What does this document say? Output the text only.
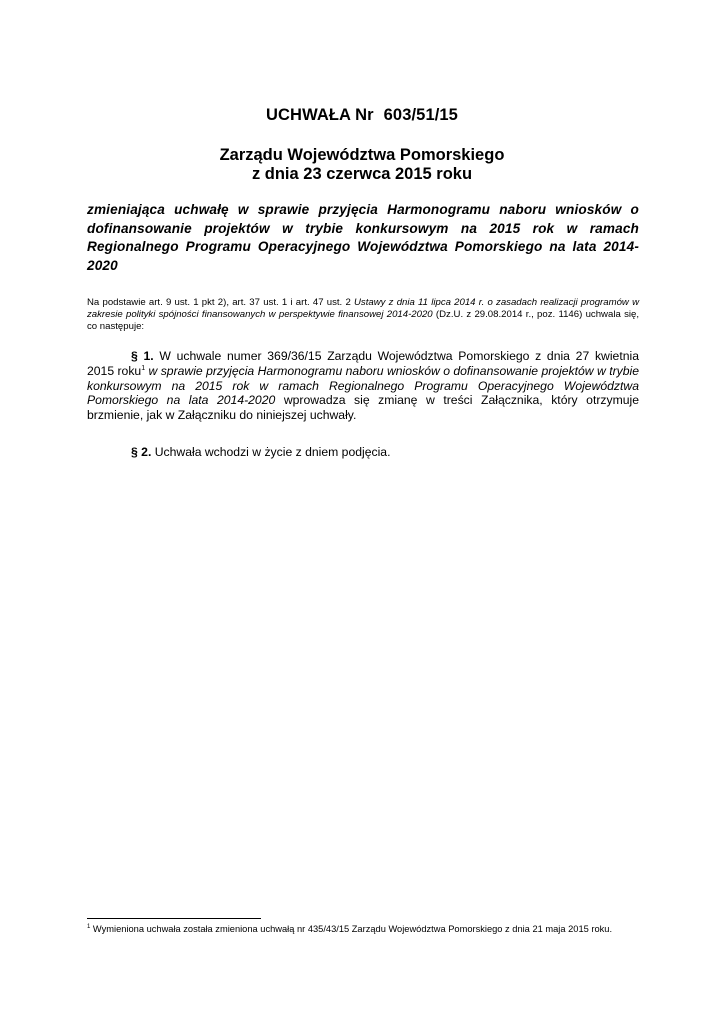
UCHWAŁA Nr 603/51/15
Zarządu Województwa Pomorskiego
z dnia 23 czerwca 2015 roku
zmieniająca uchwałę w sprawie przyjęcia Harmonogramu naboru wniosków o dofinansowanie projektów w trybie konkursowym na 2015 rok w ramach Regionalnego Programu Operacyjnego Województwa Pomorskiego na lata 2014-2020
Na podstawie art. 9 ust. 1 pkt 2), art. 37 ust. 1 i art. 47 ust. 2 Ustawy z dnia 11 lipca 2014 r. o zasadach realizacji programów w zakresie polityki spójności finansowanych w perspektywie finansowej 2014-2020 (Dz.U. z 29.08.2014 r., poz. 1146) uchwala się, co następuje:
§ 1. W uchwale numer 369/36/15 Zarządu Województwa Pomorskiego z dnia 27 kwietnia 2015 roku$^1$ w sprawie przyjęcia Harmonogramu naboru wniosków o dofinansowanie projektów w trybie konkursowym na 2015 rok w ramach Regionalnego Programu Operacyjnego Województwa Pomorskiego na lata 2014-2020 wprowadza się zmianę w treści Załącznika, który otrzymuje brzmienie, jak w Załączniku do niniejszej uchwały.
§ 2. Uchwała wchodzi w życie z dniem podjęcia.
$^1$ Wymieniona uchwała została zmieniona uchwałą nr 435/43/15 Zarządu Województwa Pomorskiego z dnia 21 maja 2015 roku.
